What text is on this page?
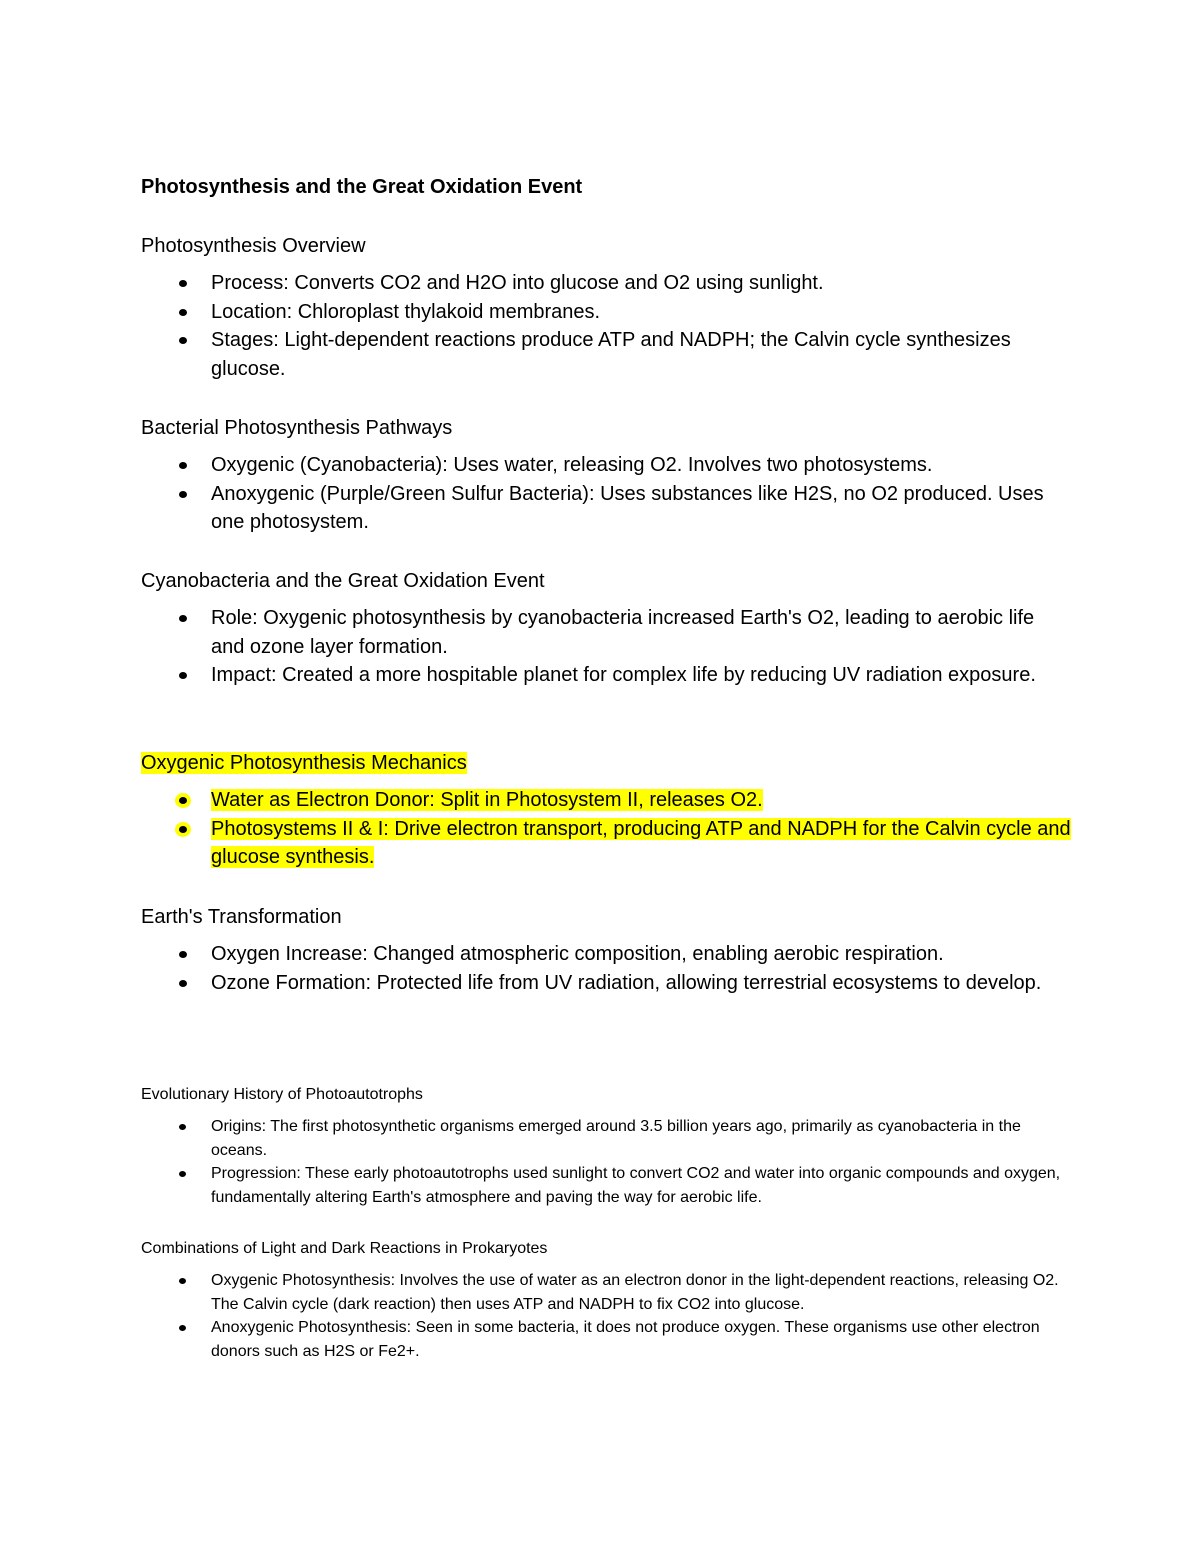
Photosynthesis and the Great Oxidation Event
Photosynthesis Overview
Process: Converts CO2 and H2O into glucose and O2 using sunlight.
Location: Chloroplast thylakoid membranes.
Stages: Light-dependent reactions produce ATP and NADPH; the Calvin cycle synthesizes glucose.
Bacterial Photosynthesis Pathways
Oxygenic (Cyanobacteria): Uses water, releasing O2. Involves two photosystems.
Anoxygenic (Purple/Green Sulfur Bacteria): Uses substances like H2S, no O2 produced. Uses one photosystem.
Cyanobacteria and the Great Oxidation Event
Role: Oxygenic photosynthesis by cyanobacteria increased Earth's O2, leading to aerobic life and ozone layer formation.
Impact: Created a more hospitable planet for complex life by reducing UV radiation exposure.
Oxygenic Photosynthesis Mechanics
Water as Electron Donor: Split in Photosystem II, releases O2.
Photosystems II & I: Drive electron transport, producing ATP and NADPH for the Calvin cycle and glucose synthesis.
Earth's Transformation
Oxygen Increase: Changed atmospheric composition, enabling aerobic respiration.
Ozone Formation: Protected life from UV radiation, allowing terrestrial ecosystems to develop.
Evolutionary History of Photoautotrophs
Origins: The first photosynthetic organisms emerged around 3.5 billion years ago, primarily as cyanobacteria in the oceans.
Progression: These early photoautotrophs used sunlight to convert CO2 and water into organic compounds and oxygen, fundamentally altering Earth's atmosphere and paving the way for aerobic life.
Combinations of Light and Dark Reactions in Prokaryotes
Oxygenic Photosynthesis: Involves the use of water as an electron donor in the light-dependent reactions, releasing O2. The Calvin cycle (dark reaction) then uses ATP and NADPH to fix CO2 into glucose.
Anoxygenic Photosynthesis: Seen in some bacteria, it does not produce oxygen. These organisms use other electron donors such as H2S or Fe2+.
